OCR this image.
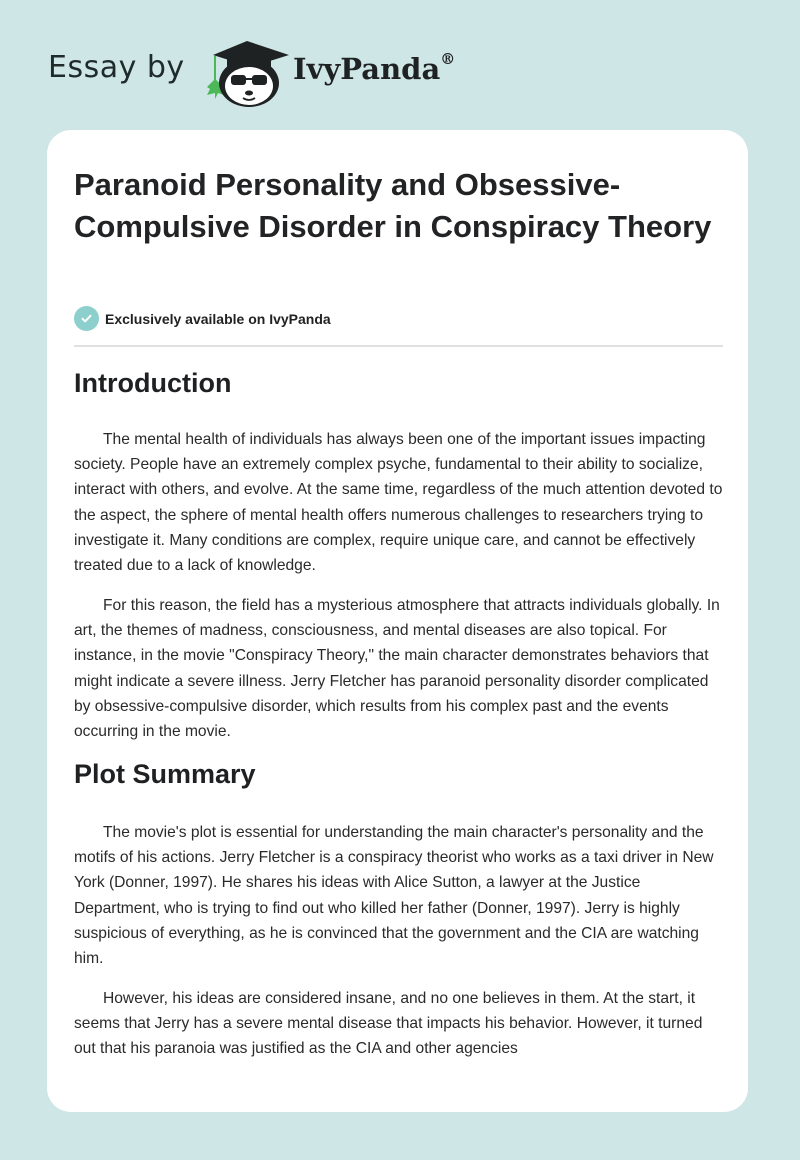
Essay by	IvyPanda®
Paranoid Personality and Obsessive-Compulsive Disorder in Conspiracy Theory
Exclusively available on IvyPanda
Introduction

The mental health of individuals has always been one of the important issues impacting society. People have an extremely complex psyche, fundamental to their ability to socialize, interact with others, and evolve. At the same time, regardless of the much attention devoted to the aspect, the sphere of mental health offers numerous challenges to researchers trying to investigate it. Many conditions are complex, require unique care, and cannot be effectively treated due to a lack of knowledge.

For this reason, the field has a mysterious atmosphere that attracts individuals globally. In art, the themes of madness, consciousness, and mental diseases are also topical. For instance, in the movie "Conspiracy Theory," the main character demonstrates behaviors that might indicate a severe illness. Jerry Fletcher has paranoid personality disorder complicated by obsessive-compulsive disorder, which results from his complex past and the events occurring in the movie.

Plot Summary

The movie's plot is essential for understanding the main character's personality and the motifs of his actions. Jerry Fletcher is a conspiracy theorist who works as a taxi driver in New York (Donner, 1997). He shares his ideas with Alice Sutton, a lawyer at the Justice Department, who is trying to find out who killed her father (Donner, 1997). Jerry is highly suspicious of everything, as he is convinced that the government and the CIA are watching him.

However, his ideas are considered insane, and no one believes in them. At the start, it seems that Jerry has a severe mental disease that impacts his behavior. However, it turned out that his paranoia was justified as the CIA and other agencies
